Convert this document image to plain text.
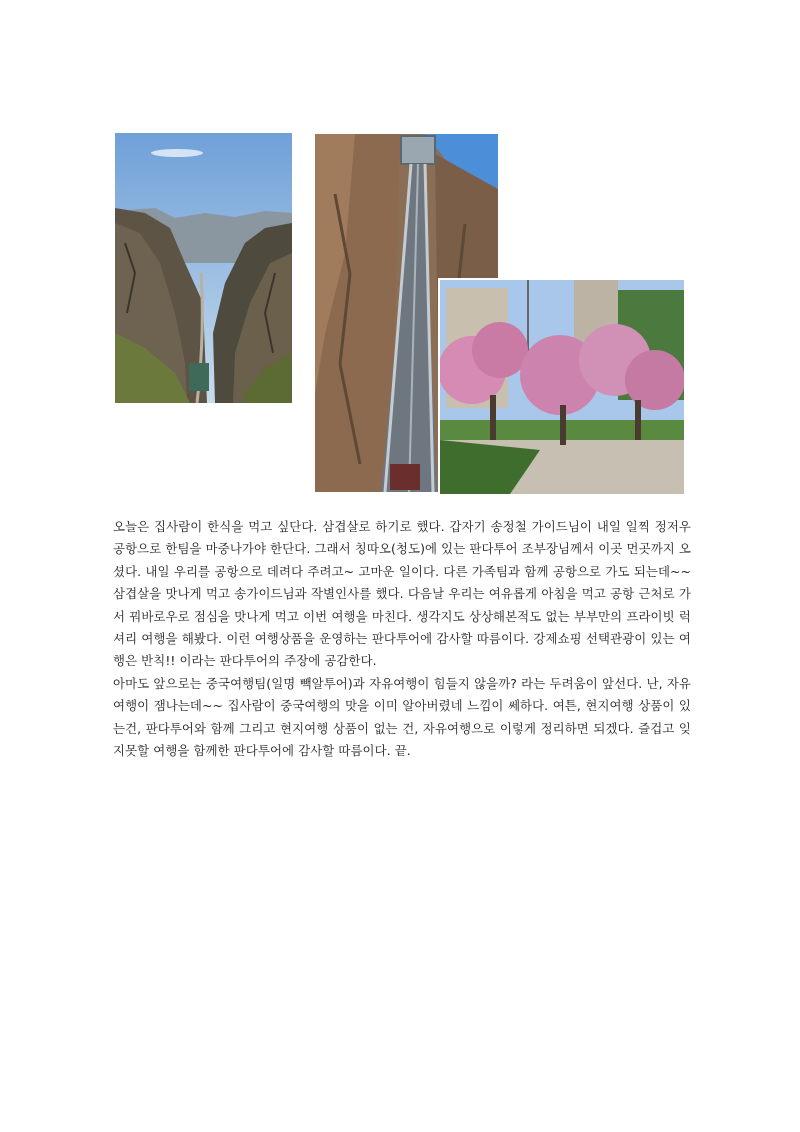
오늘은 집사람이 한식을 먹고 싶단다. 삼겹살로 하기로 했다. 갑자기 송정철 가이드님이 내일 일찍 정저우 공항으로 한팀을 마중나가야 한단다. 그래서 칭따오(청도)에 있는 판다투어 조부장님께서 이곳 먼곳까지 오셨다. 내일 우리를 공항으로 데려다 주려고~ 고마운 일이다. 다른 가족팀과 함께 공항으로 가도 되는데~~ 삼겹살을 맛나게 먹고 송가이드님과 작별인사를 했다. 다음날 우리는 여유롭게 아침을 먹고 공항 근처로 가서 꿔바로우로 점심을 맛나게 먹고 이번 여행을 마친다. 생각지도 상상해본적도 없는 부부만의 프라이빗 럭셔리 여행을 해봤다. 이런 여행상품을 운영하는 판다투어에 감사할 따름이다. 강제쇼핑 선택관광이 있는 여행은 반칙!! 이라는 판다투어의 주장에 공감한다.

아마도 앞으로는 중국여행팀(일명 빽알투어)과 자유여행이 힘들지 않을까? 라는 두려움이 앞선다. 난, 자유여행이 잼나는데~~ 집사람이 중국여행의 맛을 이미 알아버렸네 느낌이 쎄하다. 여튼, 현지여행 상품이 있는건, 판다투어와 함께 그리고 현지여행 상품이 없는 건, 자유여행으로 이렇게 정리하면 되겠다. 즐겁고 잊지못할 여행을 함께한 판다투어에 감사할 따름이다. 끝.
